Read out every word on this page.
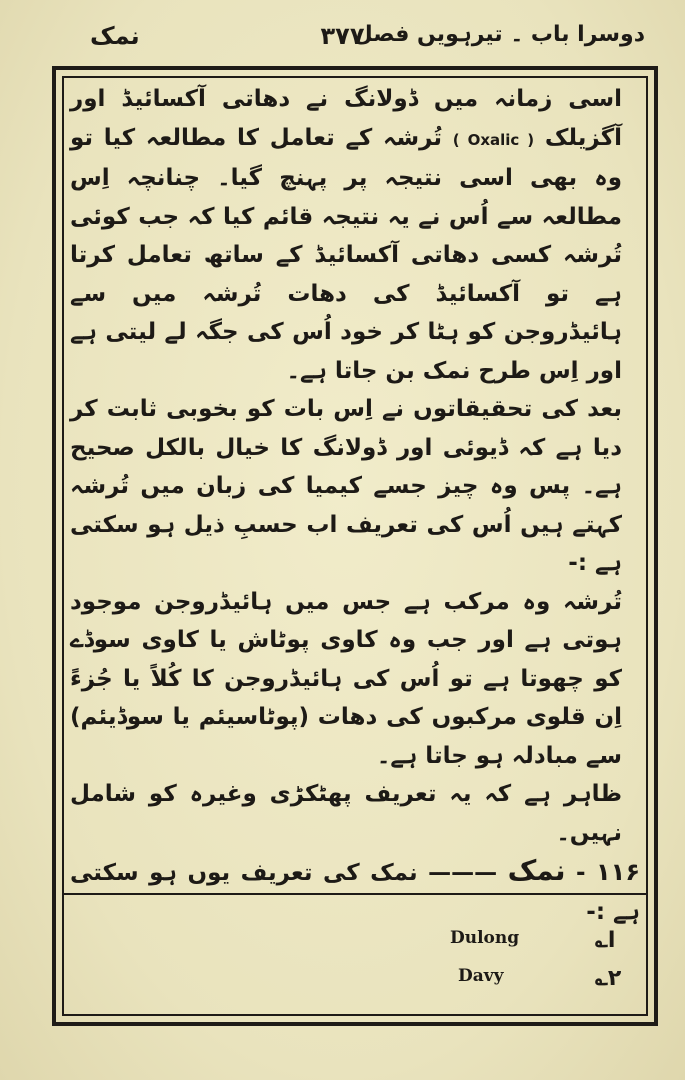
دوسرا باب ۔ تیرہویں فصل
۳۷۷
نمک

اسی زمانہ میں ڈولانگ نے دھاتی آکسائیڈ اور آگزیلک ( Oxalic ) تُرشہ کے تعامل کا مطالعہ کیا تو وہ بھی اسی نتیجہ پر پہنچ گیا۔ چنانچہ اِس مطالعہ سے اُس نے یہ نتیجہ قائم کیا کہ جب کوئی تُرشہ کسی دھاتی آکسائیڈ کے ساتھ تعامل کرتا ہے تو آکسائیڈ کی دھات تُرشہ میں سے ہائیڈروجن کو ہٹا کر خود اُس کی جگہ لے لیتی ہے اور اِس طرح نمک بن جاتا ہے۔

بعد کی تحقیقاتوں نے اِس بات کو بخوبی ثابت کر دیا ہے کہ ڈیوئی اور ڈولانگ کا خیال بالکل صحیح ہے۔ پس وہ چیز جسے کیمیا کی زبان میں تُرشہ کہتے ہیں اُس کی تعریف اب حسبِ ذیل ہو سکتی ہے :-

تُرشہ وہ مرکب ہے جس میں ہائیڈروجن موجود ہوتی ہے اور جب وہ کاوی پوٹاش یا کاوی سوڈے کو چھوتا ہے تو اُس کی ہائیڈروجن کا کُلاً یا جُزءً اِن قلوی مرکبوں کی دھات (پوٹاسیئم یا سوڈیئم) سے مبادلہ ہو جاتا ہے۔

ظاہر ہے کہ یہ تعریف پھٹکڑی وغیرہ کو شامل نہیں۔

۱۱۶ - نمک ——— نمک کی تعریف یوں ہو سکتی ہے :-

Dulong	ا؎
Davy	۲؎
